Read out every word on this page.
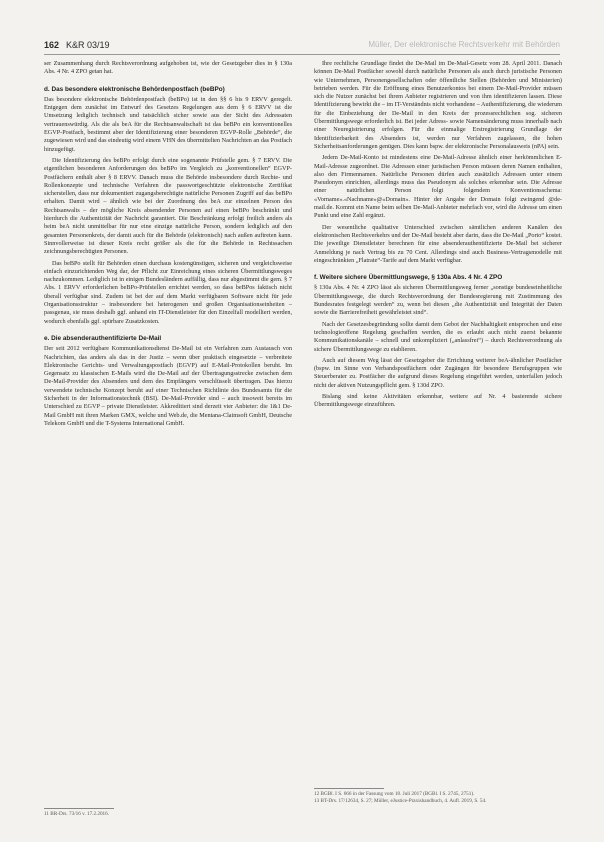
162 K&R 03/19	Müller, Der elektronische Rechtsverkehr mit Behörden

ser Zusammenhang durch Rechtsverordnung aufgehoben ist, wie der Gesetzgeber dies in § 130a Abs. 4 Nr. 4 ZPO getan hat.

d. Das besondere elektronische Behördenpostfach (beBPo)

Das besondere elektronische Behördenpostfach (beBPo) ist in den §§ 6 bis 9 ERVV geregelt. Entgegen dem zunächst im Entwurf des Gesetzes Regelungen aus dem § 6 ERVV ist die Umsetzung lediglich technisch und tatsächlich sicher sowie aus der Sicht des Adressaten vertrauenswürdig. Als die als beA für die Rechtsanwaltschaft ist das beBPo ein konventionelles EGVP-Postfach, bestimmt aber der Identifizierung einer besonderen EGVP-Rolle „Behörde“, die zugewiesen wird und das eindeutig wird einem VHN des übermittelten Nachrichten an das Postfach hinzugefügt.

Die Identifizierung des beBPo erfolgt durch eine sogenannte Prüfstelle gem. § 7 ERVV. Die eigentlichen besonderen Anforderungen des beBPo im Vergleich zu „konventionellen“ EGVP-Postfächern enthält aber § 8 ERVV. Danach muss die Behörde insbesondere durch Rechte- und Rollenkonzepte und technische Verfahren die passwortgeschützte elektronische Zertifikat sicherstellen, dass nur dokumentiert zugangsberechtigte natürliche Personen Zugriff auf das beBPo erhalten. Damit wird – ähnlich wie bei der Zuordnung des beA zur einzelnen Person des Rechtsanwalts – der mögliche Kreis absendender Personen auf einen beBPo beschränkt und hierdurch die Authentizität der Nachricht garantiert. Die Beschränkung erfolgt freilich anders als beim beA nicht unmittelbar für nur eine einzige natürliche Person, sondern lediglich auf den gesamten Personenkreis, der damit auch für die Behörde (elektronisch) nach außen auftreten kann. Sinnvollerweise ist dieser Kreis recht größer als die für die Behörde in Rechtssachen zeichnungsberechtigten Personen.

Das beBPo stellt für Behörden einen durchaus kostengünstigen, sicheren und vergleichsweise einfach einzurichtenden Weg dar, der Pflicht zur Einreichung eines sicheren Übermittlungsweges nachzukommen. Lediglich ist in einigen Bundesländern auffällig, dass nur abgestimmt die gem. § 7 Abs. 1 ERVV erforderlichen beBPo-Prüfstellen errichtet werden, so dass beBPos faktisch nicht überall verfügbar sind. Zudem ist bei der auf dem Markt verfügbaren Software nicht für jede Organisationsstruktur – insbesondere bei heterogenen und großen Organisationseinheiten – passgenau, sie muss deshalb ggf. anhand ein IT-Dienstleister für den Einzelfall modelliert werden, wodurch ebenfalls ggf. spürbare Zusatzkosten.

e. Die absenderauthentifizierte De-Mail

Der seit 2012 verfügbare Kommunikationsdienst De-Mail ist ein Verfahren zum Austausch von Nachrichten, das anders als das in der Justiz – wenn über praktisch eingesetzte – verbreitete Elektronische Gerichts- und Verwaltungspostfach (EGVP) auf E-Mail-Protokollen beruht. Im Gegensatz zu klassischen E-Mails wird die De-Mail auf der Übertragungsstrecke zwischen dem De-Mail-Provider des Absenders und dem des Empfängers verschlüsselt übertragen. Das hierzu verwendete technische Konzept beruht auf einer Technischen Richtlinie des Bundesamts für die Sicherheit in der Informationstechnik (BSI). De-Mail-Provider sind – auch insoweit bereits im Unterschied zu EGVP – private Dienstleister. Akkreditiert sind derzeit vier Anbieter: die 1&1 De-Mail GmbH mit ihren Marken GMX, welche und Web.de, die Mentana-Claimsoft GmbH, Deutsche Telekom GmbH und die T-Systems International GmbH.

Ihre rechtliche Grundlage findet die De-Mail im De-Mail-Gesetz vom 28. April 2011. Danach können De-Mail Postfächer sowohl durch natürliche Personen als auch durch juristische Personen wie Unternehmen, Personengesellschaften oder öffentliche Stellen (Behörden und Ministerien) betrieben werden. Für die Eröffnung eines Benutzerkontos bei einem De-Mail-Provider müssen sich die Nutzer zunächst bei ihrem Anbieter registrieren und von ihm identifizieren lassen. Diese Identifizierung bewirkt die – im IT-Verständnis nicht vorhandene – Authentifizierung, die wiederum für die Einbeziehung der De-Mail in den Kreis der prozessrechtlichen sog. sicheren Übermittlungswege erforderlich ist. Bei jeder Adress- sowie Namensänderung muss innerhalb nach einer Neuregistrierung erfolgen. Für die einmalige Erstregistrierung Grundlage der Identifizierbarkeit des Absenders ist, werden nur Verfahren zugelassen, die hohen Sicherheitsanforderungen genügen. Dies kann bspw. der elektronische Personalausweis (nPA) sein.

Jedem De-Mail-Konto ist mindestens eine De-Mail-Adresse ähnlich einer herkömmlichen E-Mail-Adresse zugeordnet. Die Adressen einer juristischen Person müssen deren Namen enthalten, also den Firmennamen. Natürliche Personen dürfen auch zusätzlich Adressen unter einem Pseudonym einrichten, allerdings muss das Pseudonym als solches erkennbar sein. Die Adresse einer natürlichen Person folgt folgendem Konventionsschema: «Vorname».«Nachname»@«Domain». Hinter der Angabe der Domain folgt zwingend @de-mail.de. Kommt ein Name beim selben De-Mail-Anbieter mehrfach vor, wird die Adresse um einen Punkt und eine Zahl ergänzt.

Der wesentliche qualitative Unterschied zwischen sämtlichen anderen Kanälen des elektronischen Rechtsverkehrs und der De-Mail besteht aber darin, dass die De-Mail „Porto“ kostet. Die jeweilige Dienstleister berechnen für eine absenderauthentifizierte De-Mail bei sicherer Anmeldung je nach Vertrag bis zu 70 Cent. Allerdings sind auch Business-Vertragsmodelle mit eingeschränkten „Flatrate“-Tarife auf dem Markt verfügbar.

f. Weitere sichere Übermittlungswege, § 130a Abs. 4 Nr. 4 ZPO

§ 130a Abs. 4 Nr. 4 ZPO lässt als sicheren Übermittlungsweg ferner „sonstige bundeseinheitliche Übermittlungswege, die durch Rechtsverordnung der Bundesregierung mit Zustimmung des Bundesrates festgelegt werden“ zu, wenn bei diesen „die Authentizität und Integrität der Daten sowie die Barrierefreiheit gewährleistet sind“.

Nach der Gesetzesbegründung sollte damit dem Gebot der Nachhaltigkeit entsprochen und eine technologieoffene Regelung geschaffen werden, die es erlaubt auch nicht zuerst bekannte Kommunikationskanäle – schnell und unkompliziert („anlassfrei“) – durch Rechtsverordnung als sichere Übermittlungswege zu etablieren.

Auch auf diesem Weg lässt der Gesetzgeber die Errichtung weiterer beA-ähnlicher Postfächer (bspw. im Sinne von Verbandspostfächern oder Zugängen für besondere Berufsgruppen wie Steuerberater zu. Postfächer die aufgrund dieses Regelung eingeführt werden, unterfallen jedoch nicht der aktiven Nutzungspflicht gem. § 130d ZPO.

Bislang sind keine Aktivitäten erkennbar, weitere auf Nr. 4 basierende sichere Übermittlungswege einzuführen.

11 BR-Drs. 73/16 v. 17.2.2016.

12 BGBl. I S. 666 in der Fassung vom 18. Juli 2017 (BGBl. I S. 2745, 2751).

13 BT-Drs. 17/12634, S. 27; Müller, eJustice-Praxishandbuch, 4. Aufl. 2019, S. 54.
